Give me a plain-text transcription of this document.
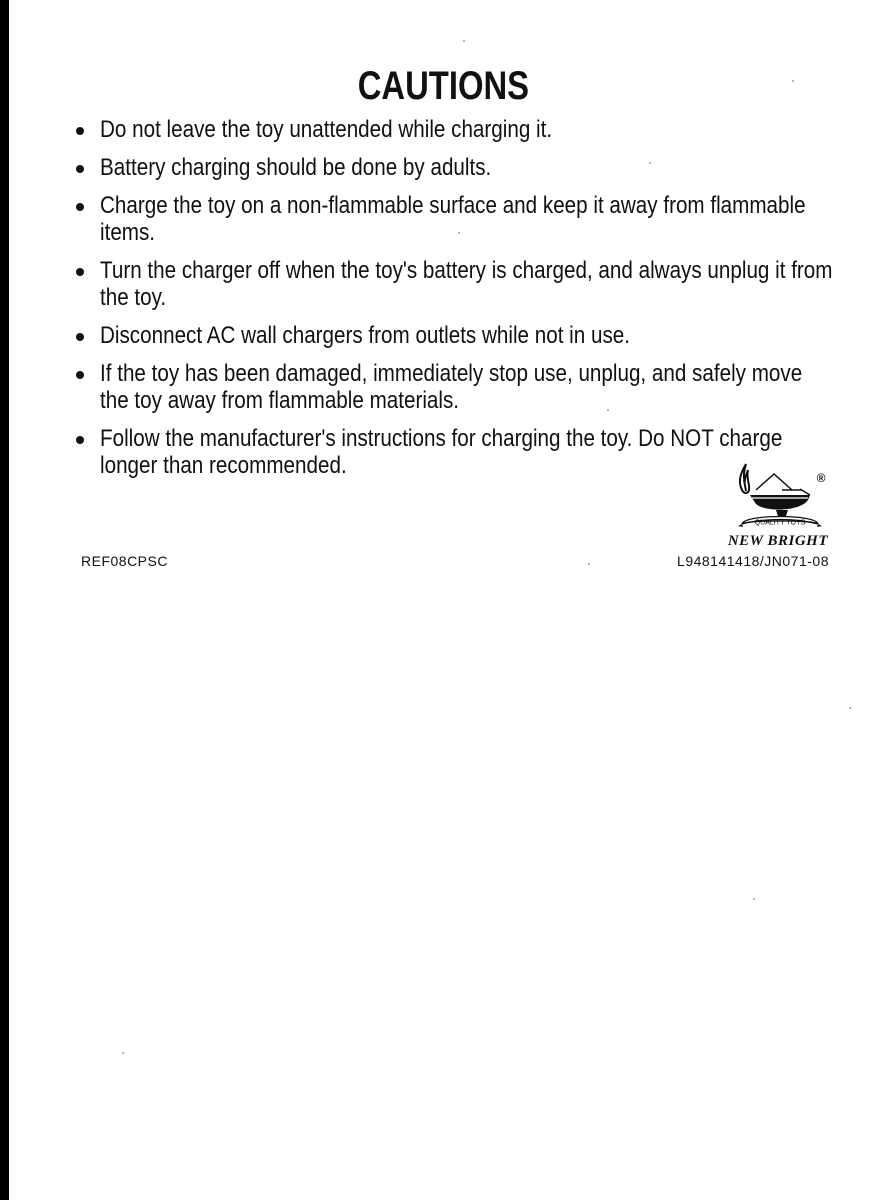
CAUTIONS
Do not leave the toy unattended while charging it.
Battery charging should be done by adults.
Charge the toy on a non-flammable surface and keep it away from flammable items.
Turn the charger off when the toy's battery is charged, and always unplug it from the toy.
Disconnect AC wall chargers from outlets while not in use.
If the toy has been damaged, immediately stop use, unplug, and safely move the toy away from flammable materials.
Follow the manufacturer's instructions for charging the toy. Do NOT charge longer than recommended.
QUALITY TOYS
®
NEW BRIGHT
REF08CPSC	L948141418/JN071-08
